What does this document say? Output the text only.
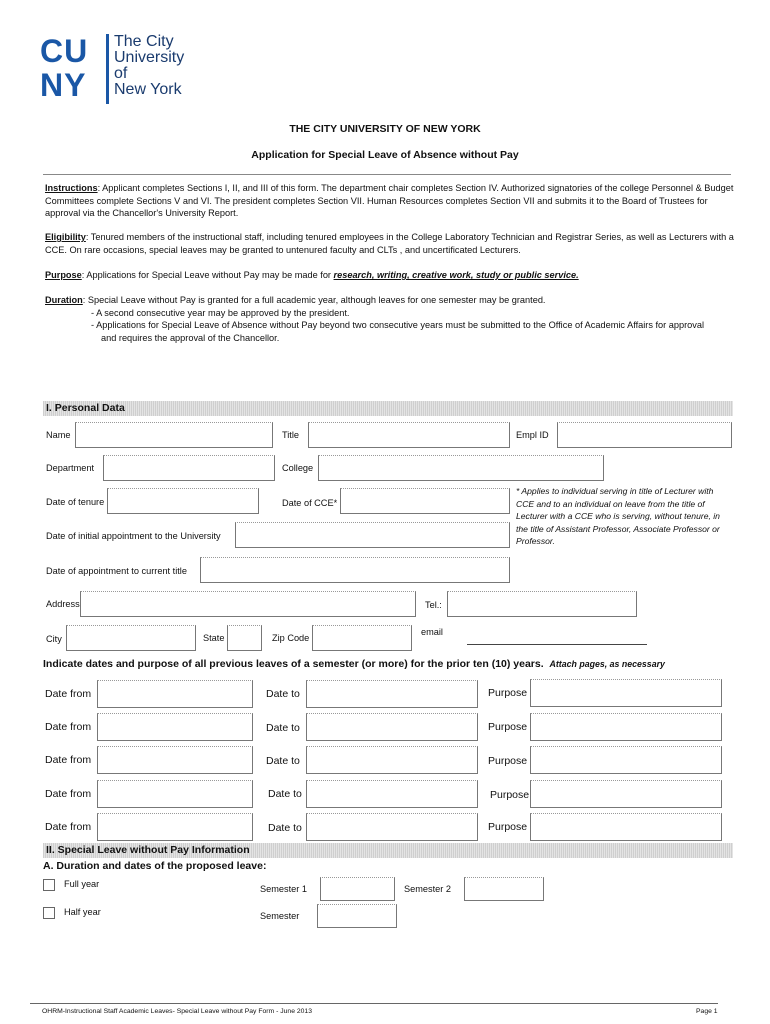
CU
NY
The City
University
of
New York
THE CITY UNIVERSITY OF NEW YORK
Application for Special Leave of Absence without Pay
Instructions: Applicant completes Sections I, II, and III of this form. The department chair completes Section IV. Authorized signatories of the college Personnel & Budget Committees complete Sections V and VI. The president completes Section VII. Human Resources completes Section VII and submits it to the Board of Trustees for approval via the Chancellor's University Report.
Eligibility: Tenured members of the instructional staff, including tenured employees in the College Laboratory Technician and Registrar Series, as well as Lecturers with a CCE. On rare occasions, special leaves may be granted to untenured faculty and CLTs , and uncertificated Lecturers.
Purpose: Applications for Special Leave without Pay may be made for research, writing, creative work, study or public service.
Duration: Special Leave without Pay is granted for a full academic year, although leaves for one semester may be granted.
- A second consecutive year may be approved by the president.
- Applications for Special Leave of Absence without Pay beyond two consecutive years must be submitted to the Office of Academic Affairs for approval
and requires the approval of the Chancellor.
I. Personal Data
Name	Title	Empl ID
Department	College
Date of tenure	Date of CCE*
* Applies to individual serving in title of Lecturer with CCE and to an individual on leave from the title of Lecturer with a CCE who is serving, without tenure, in the title of Assistant Professor, Associate Professor or Professor.
Date of initial appointment to the University
Date of appointment to current title
Address	Tel.:
City	State	Zip Code
email
Indicate dates and purpose of all previous leaves of a semester (or more) for the prior ten (10) years. Attach pages, as necessary
Date from	Date to	Purpose
Date from	Date to	Purpose
Date from	Date to	Purpose
Date from	Date to	Purpose
Date from	Date to	Purpose
II. Special Leave without Pay Information
A. Duration and dates of the proposed leave:
Full year
Half year
Semester 1	Semester 2
Semester
OHRM-Instructional Staff Academic Leaves- Special Leave without Pay Form - June 2013	Page 1
